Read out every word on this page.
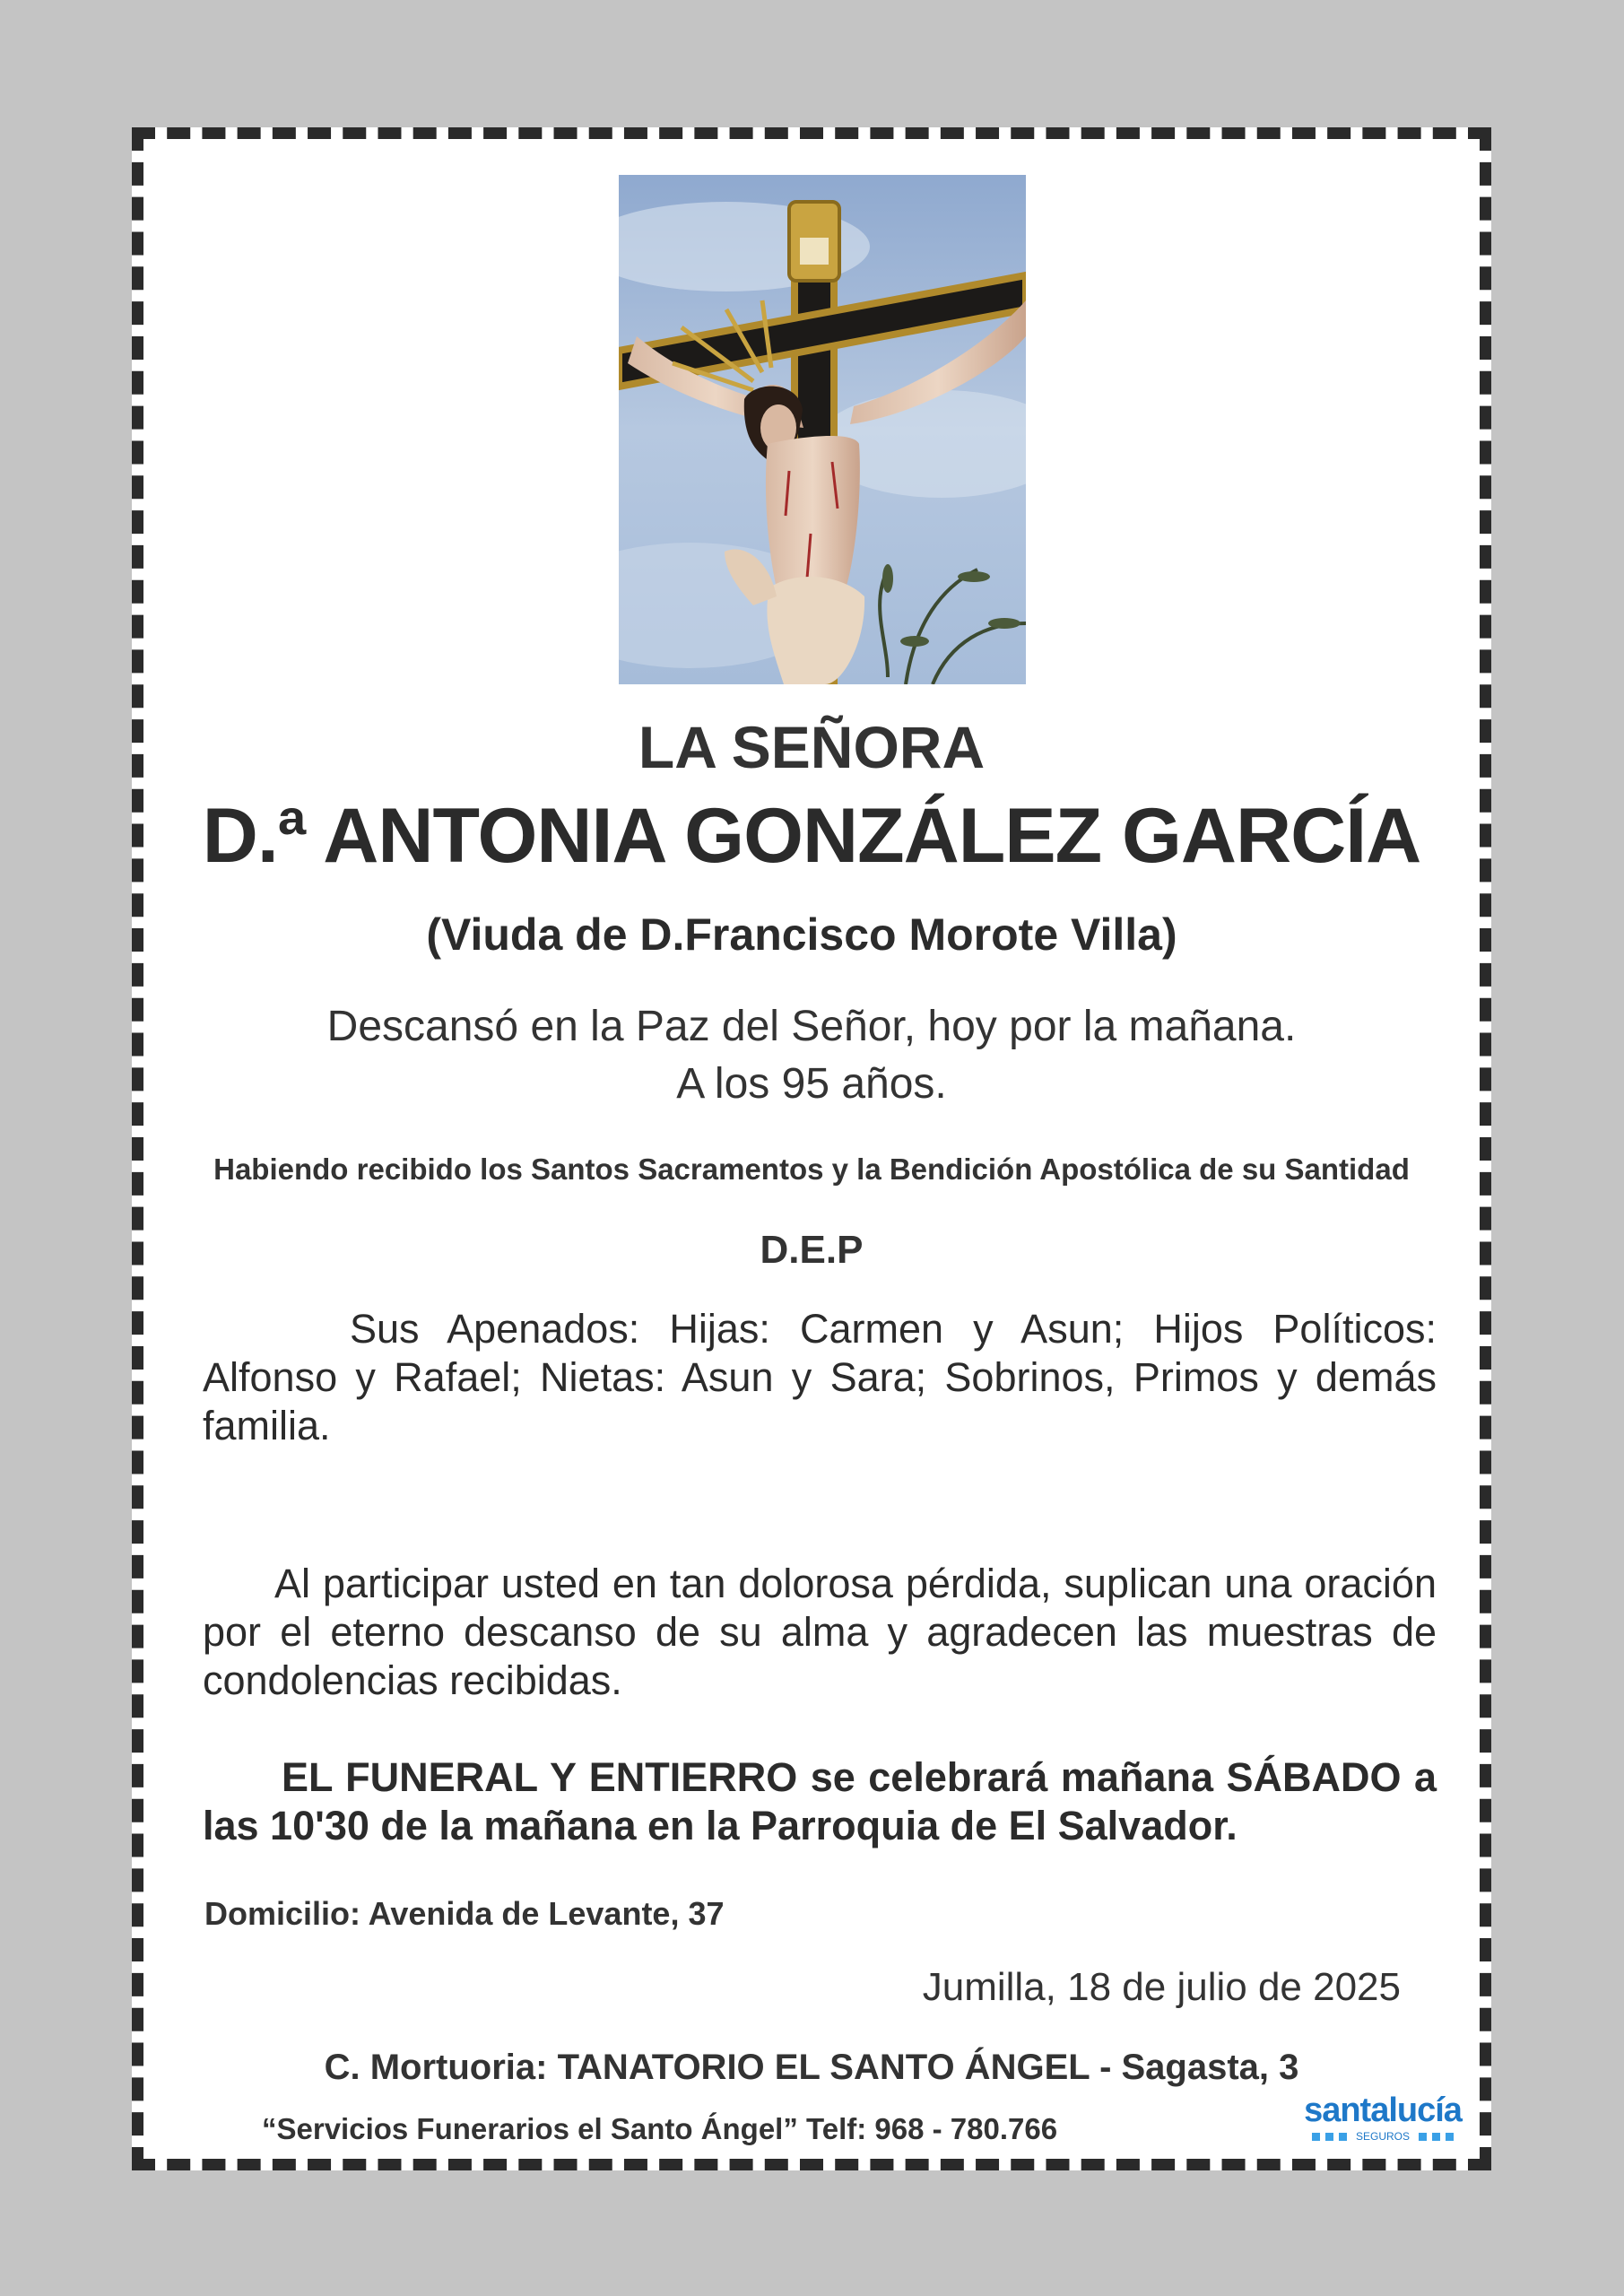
LA SEÑORA
D.ª ANTONIA GONZÁLEZ GARCÍA
(Viuda de D.Francisco Morote Villa)
Descansó en la Paz del Señor, hoy por la mañana.
A los 95 años.
Habiendo recibido los Santos Sacramentos y la Bendición Apostólica de su Santidad
D.E.P

Sus Apenados: Hijas: Carmen y Asun; Hijos Políticos: Alfonso y Rafael; Nietas: Asun y Sara; Sobrinos, Primos y demás familia.

Al participar usted en tan dolorosa pérdida, suplican una oración por el eterno descanso de su alma y agradecen las muestras de condolencias recibidas.

EL FUNERAL Y ENTIERRO se celebrará mañana SÁBADO a las 10'30 de la mañana en la Parroquia de El Salvador.

Domicilio: Avenida de Levante, 37
Jumilla, 18 de julio de 2025
C. Mortuoria: TANATORIO EL SANTO ÁNGEL - Sagasta, 3
“Servicios Funerarios el Santo Ángel” Telf: 968 - 780.766	santalucía
SEGUROS
